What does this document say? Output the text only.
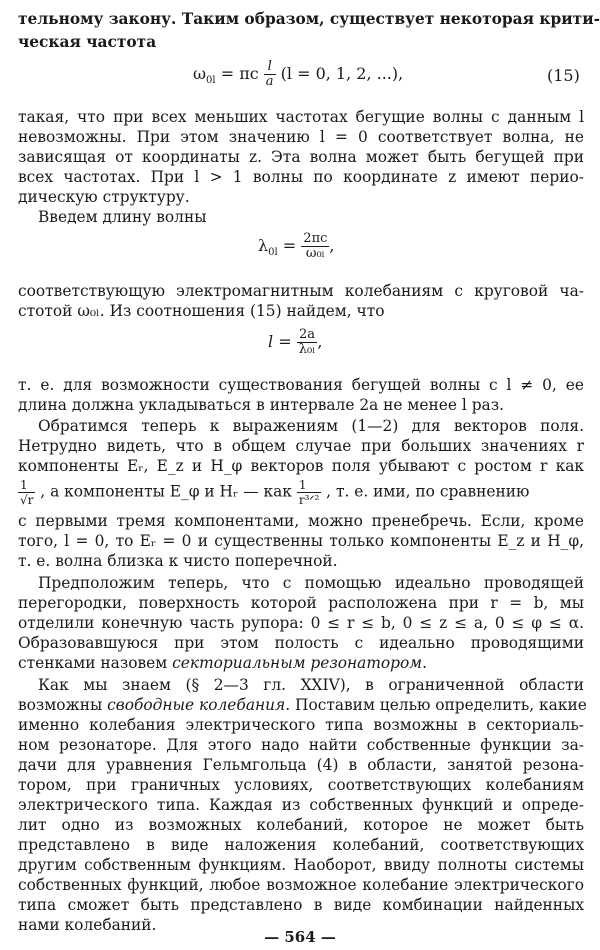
тельному закону. Таким образом, существует некоторая крити-
ческая частота
$\omega_{0l} = \pi c \frac{l}{a} (l = 0$, 1, 2, ...),	(15)
такая, что при всех меньших частотах бегущие волны с данным l
невозможны. При этом значению l = 0 соответствует волна, не
зависящая от координаты z. Эта волна может быть бегущей при
всех частотах. При l > 1 волны по координате z имеют перио-
дическую структуру.
Введем длину волны
$\lambda_{0l} = \frac{2\pi c}{\text{ω₀ₗ}}$ ,
соответствующую электромагнитным колебаниям с круговой ча-
стотой ω₀ₗ. Из соотношения (15) найдем, что
$l = \frac{2a}{\text{λ₀ₗ}}$ ,
т. е. для возможности существования бегущей волны с l ≠ 0, ее
длина должна укладываться в интервале 2a не менее l раз.
Обратимся теперь к выражениям (1—2) для векторов поля.
Нетрудно видеть, что в общем случае при больших значениях r
компоненты Eᵣ, E_z и H_φ векторов поля убывают с ростом r как
$\frac{1}{√r}$ , а компоненты E_φ и Hᵣ — как $\frac{1}{\text{r³ᐟ²}}$ , т. е. ими, по сравнению
с первыми тремя компонентами, можно пренебречь. Если, кроме
того, l = 0, то Eᵣ = 0 и существенны только компоненты E_z и H_φ,
т. е. волна близка к чисто поперечной.
Предположим теперь, что с помощью идеально проводящей
перегородки, поверхность которой расположена при r = b, мы
отделили конечную часть рупора: 0 ≤ r ≤ b, 0 ≤ z ≤ a, 0 ≤ φ ≤ α.
Образовавшуюся при этом полость с идеально проводящими
стенками назовем секториальным резонатором.
Как мы знаем (§ 2—3 гл. XXIV), в ограниченной области
возможны свободные колебания. Поставим целью определить, какие
именно колебания электрического типа возможны в секториаль-
ном резонаторе. Для этого надо найти собственные функции за-
дачи для уравнения Гельмгольца (4) в области, занятой резона-
тором, при граничных условиях, соответствующих колебаниям
электрического типа. Каждая из собственных функций и опреде-
лит одно из возможных колебаний, которое не может быть
представлено в виде наложения колебаний, соответствующих
другим собственным функциям. Наоборот, ввиду полноты системы
собственных функций, любое возможное колебание электрического
типа сможет быть представлено в виде комбинации найденных
нами колебаний.
— 564 —
